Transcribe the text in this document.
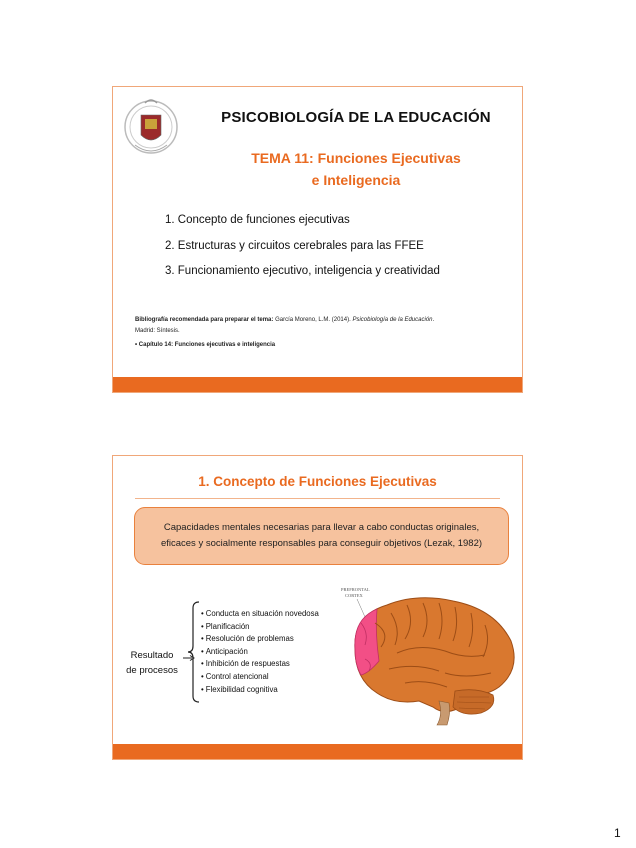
PSICOBIOLOGÍA DE LA EDUCACIÓN
TEMA 11: Funciones Ejecutivas
e Inteligencia
1. Concepto de funciones ejecutivas
2. Estructuras y circuitos cerebrales para las FFEE
3. Funcionamiento ejecutivo, inteligencia y creatividad
Bibliografía recomendada para preparar el tema: García Moreno, L.M. (2014). Psicobiología de la Educación.
Madrid: Síntesis.
• Capítulo 14: Funciones ejecutivas e inteligencia
1. Concepto de Funciones Ejecutivas
Capacidades mentales necesarias para llevar a cabo conductas originales, eficaces y socialmente responsables para conseguir objetivos (Lezak, 1982)
Resultado
de procesos
• Conducta en situación novedosa
• Planificación
• Resolución de problemas
• Anticipación
• Inhibición de respuestas
• Control atencional
• Flexibilidad cognitiva
PREFRONTAL
CORTEX
1
